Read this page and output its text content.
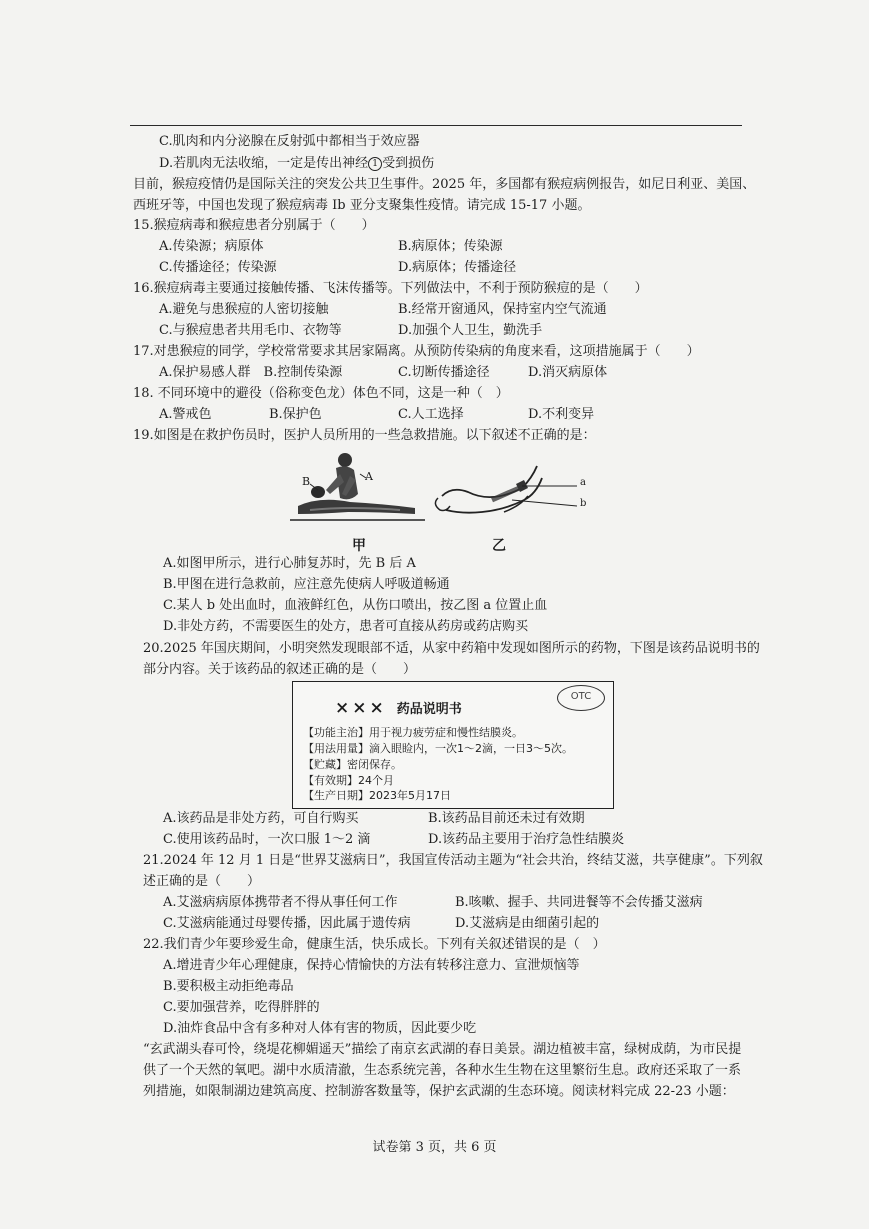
C.肌肉和内分泌腺在反射弧中都相当于效应器
D.若肌肉无法收缩，一定是传出神经 1 受到损伤
目前，猴痘疫情仍是国际关注的突发公共卫生事件。2025 年，多国都有猴痘病例报告，如尼日利亚、美国、
西班牙等，中国也发现了猴痘病毒 Ib 亚分支聚集性疫情。请完成 15-17 小题。
15.猴痘病毒和猴痘患者分别属于（　　）
A.传染源；病原体	B.病原体；传染源
C.传播途径；传染源	D.病原体；传播途径
16.猴痘病毒主要通过接触传播、飞沫传播等。下列做法中，不利于预防猴痘的是（　　）
A.避免与患猴痘的人密切接触	B.经常开窗通风，保持室内空气流通
C.与猴痘患者共用毛巾、衣物等	D.加强个人卫生，勤洗手
17.对患猴痘的同学，学校常常要求其居家隔离。从预防传染病的角度来看，这项措施属于（　　）
A.保护易感人群　B.控制传染源	C.切断传播途径	D.消灭病原体
18. 不同环境中的避役（俗称变色龙）体色不同，这是一种（　）
A.警戒色	B.保护色	C.人工选择	D.不利变异
19.如图是在救护伤员时，医护人员所用的一些急救措施。以下叙述不正确的是：
B	A
甲
a
b
乙
A.如图甲所示，进行心肺复苏时，先 B 后 A
B.甲图在进行急救前，应注意先使病人呼吸道畅通
C.某人 b 处出血时，血液鲜红色，从伤口喷出，按乙图 a 位置止血
D.非处方药，不需要医生的处方，患者可直接从药房或药店购买
20.2025 年国庆期间，小明突然发现眼部不适，从家中药箱中发现如图所示的药物，下图是该药品说明书的
部分内容。关于该药品的叙述正确的是（　　）
OTC
××× 药品说明书
【功能主治】用于视力疲劳症和慢性结膜炎。
【用法用量】滴入眼睑内，一次1～2滴，一日3～5次。
【贮藏】密闭保存。
【有效期】24个月
【生产日期】2023年5月17日
A.该药品是非处方药，可自行购买	B.该药品目前还未过有效期
C.使用该药品时，一次口服 1～2 滴	D.该药品主要用于治疗急性结膜炎
21.2024 年 12 月 1 日是“世界艾滋病日”，我国宣传活动主题为“社会共治，终结艾滋，共享健康”。下列叙
述正确的是（　　）
A.艾滋病病原体携带者不得从事任何工作	B.咳嗽、握手、共同进餐等不会传播艾滋病
C.艾滋病能通过母婴传播，因此属于遗传病	D.艾滋病是由细菌引起的
22.我们青少年要珍爱生命，健康生活，快乐成长。下列有关叙述错误的是（　）
A.增进青少年心理健康，保持心情愉快的方法有转移注意力、宣泄烦恼等
B.要积极主动拒绝毒品
C.要加强营养，吃得胖胖的
D.油炸食品中含有多种对人体有害的物质，因此要少吃
“玄武湖头春可怜，绕堤花柳媚遥天”描绘了南京玄武湖的春日美景。湖边植被丰富，绿树成荫，为市民提
供了一个天然的氧吧。湖中水质清澈，生态系统完善，各种水生生物在这里繁衍生息。政府还采取了一系
列措施，如限制湖边建筑高度、控制游客数量等，保护玄武湖的生态环境。阅读材料完成 22-23 小题：
试卷第 3 页，共 6 页
